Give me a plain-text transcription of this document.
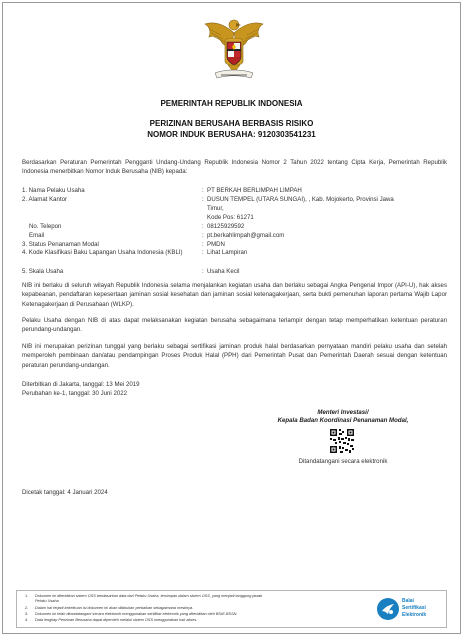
PEMERINTAH REPUBLIK INDONESIA
PERIZINAN BERUSAHA BERBASIS RISIKO
NOMOR INDUK BERUSAHA: 9120303541231
Berdasarkan Peraturan Pemerintah Pengganti Undang-Undang Republik Indonesia Nomor 2 Tahun 2022 tentang Cipta Kerja, Pemerintah Republik Indonesia menerbitkan Nomor Induk Berusaha (NIB) kepada:
1. Nama Pelaku Usaha	: PT BERKAH BERLIMPAH LIMPAH
2. Alamat Kantor	: DUSUN TEMPEL (UTARA SUNGAI), , Kab. Mojokerto, Provinsi Jawa Timur,
Kode Pos: 61271
No. Telepon	: 08125929592
Email	: pt.berkahlimpah@gmail.com
3. Status Penanaman Modal	: PMDN
4. Kode Klasifikasi Baku Lapangan Usaha Indonesia (KBLI)	: Lihat Lampiran
5. Skala Usaha	: Usaha Kecil
NIB ini berlaku di seluruh wilayah Republik Indonesia selama menjalankan kegiatan usaha dan berlaku sebagai Angka Pengenal Impor (API-U), hak akses kepabeanan, pendaftaran kepesertaan jaminan sosial kesehatan dan jaminan sosial ketenagakerjaan, serta bukti pemenuhan laporan pertama Wajib Lapor Ketenagakerjaan di Perusahaan (WLKP).
Pelaku Usaha dengan NIB di atas dapat melaksanakan kegiatan berusaha sebagaimana terlampir dengan tetap memperhatikan ketentuan peraturan perundang-undangan.
NIB ini merupakan perizinan tunggal yang berlaku sebagai sertifikasi jaminan produk halal berdasarkan pernyataan mandiri pelaku usaha dan setelah memperoleh pembinaan dan/atau pendampingan Proses Produk Halal (PPH) dari Pemerintah Pusat dan Pemerintah Daerah sesuai dengan ketentuan peraturan perundang-undangan.
Diterbitkan di Jakarta, tanggal: 13 Mei 2019
Perubahan ke-1, tanggal: 30 Juni 2022
Menteri Investasi/
Kepala Badan Koordinasi Penanaman Modal,
Ditandatangani secara elektronik
Dicetak tanggal: 4 Januari 2024
1. Dokumen ini diterbitkan sistem OSS berdasarkan data dari Pelaku Usaha, tersimpan dalam sistem OSS, yang menjadi tanggung jawab
Pelaku Usaha.
2. Dalam hal terjadi kekeliruan isi dokumen ini akan dilakukan perbaikan sebagaimana mestinya.
3. Dokumen ini telah ditandatangani secara elektronik menggunakan sertifikat elektronik yang diterbitkan oleh BSrE-BSSN.
4. Data lengkap Perizinan Berusaha dapat diperoleh melalui sistem OSS menggunakan hak akses.
Balai
Sertifikasi
Elektronik
